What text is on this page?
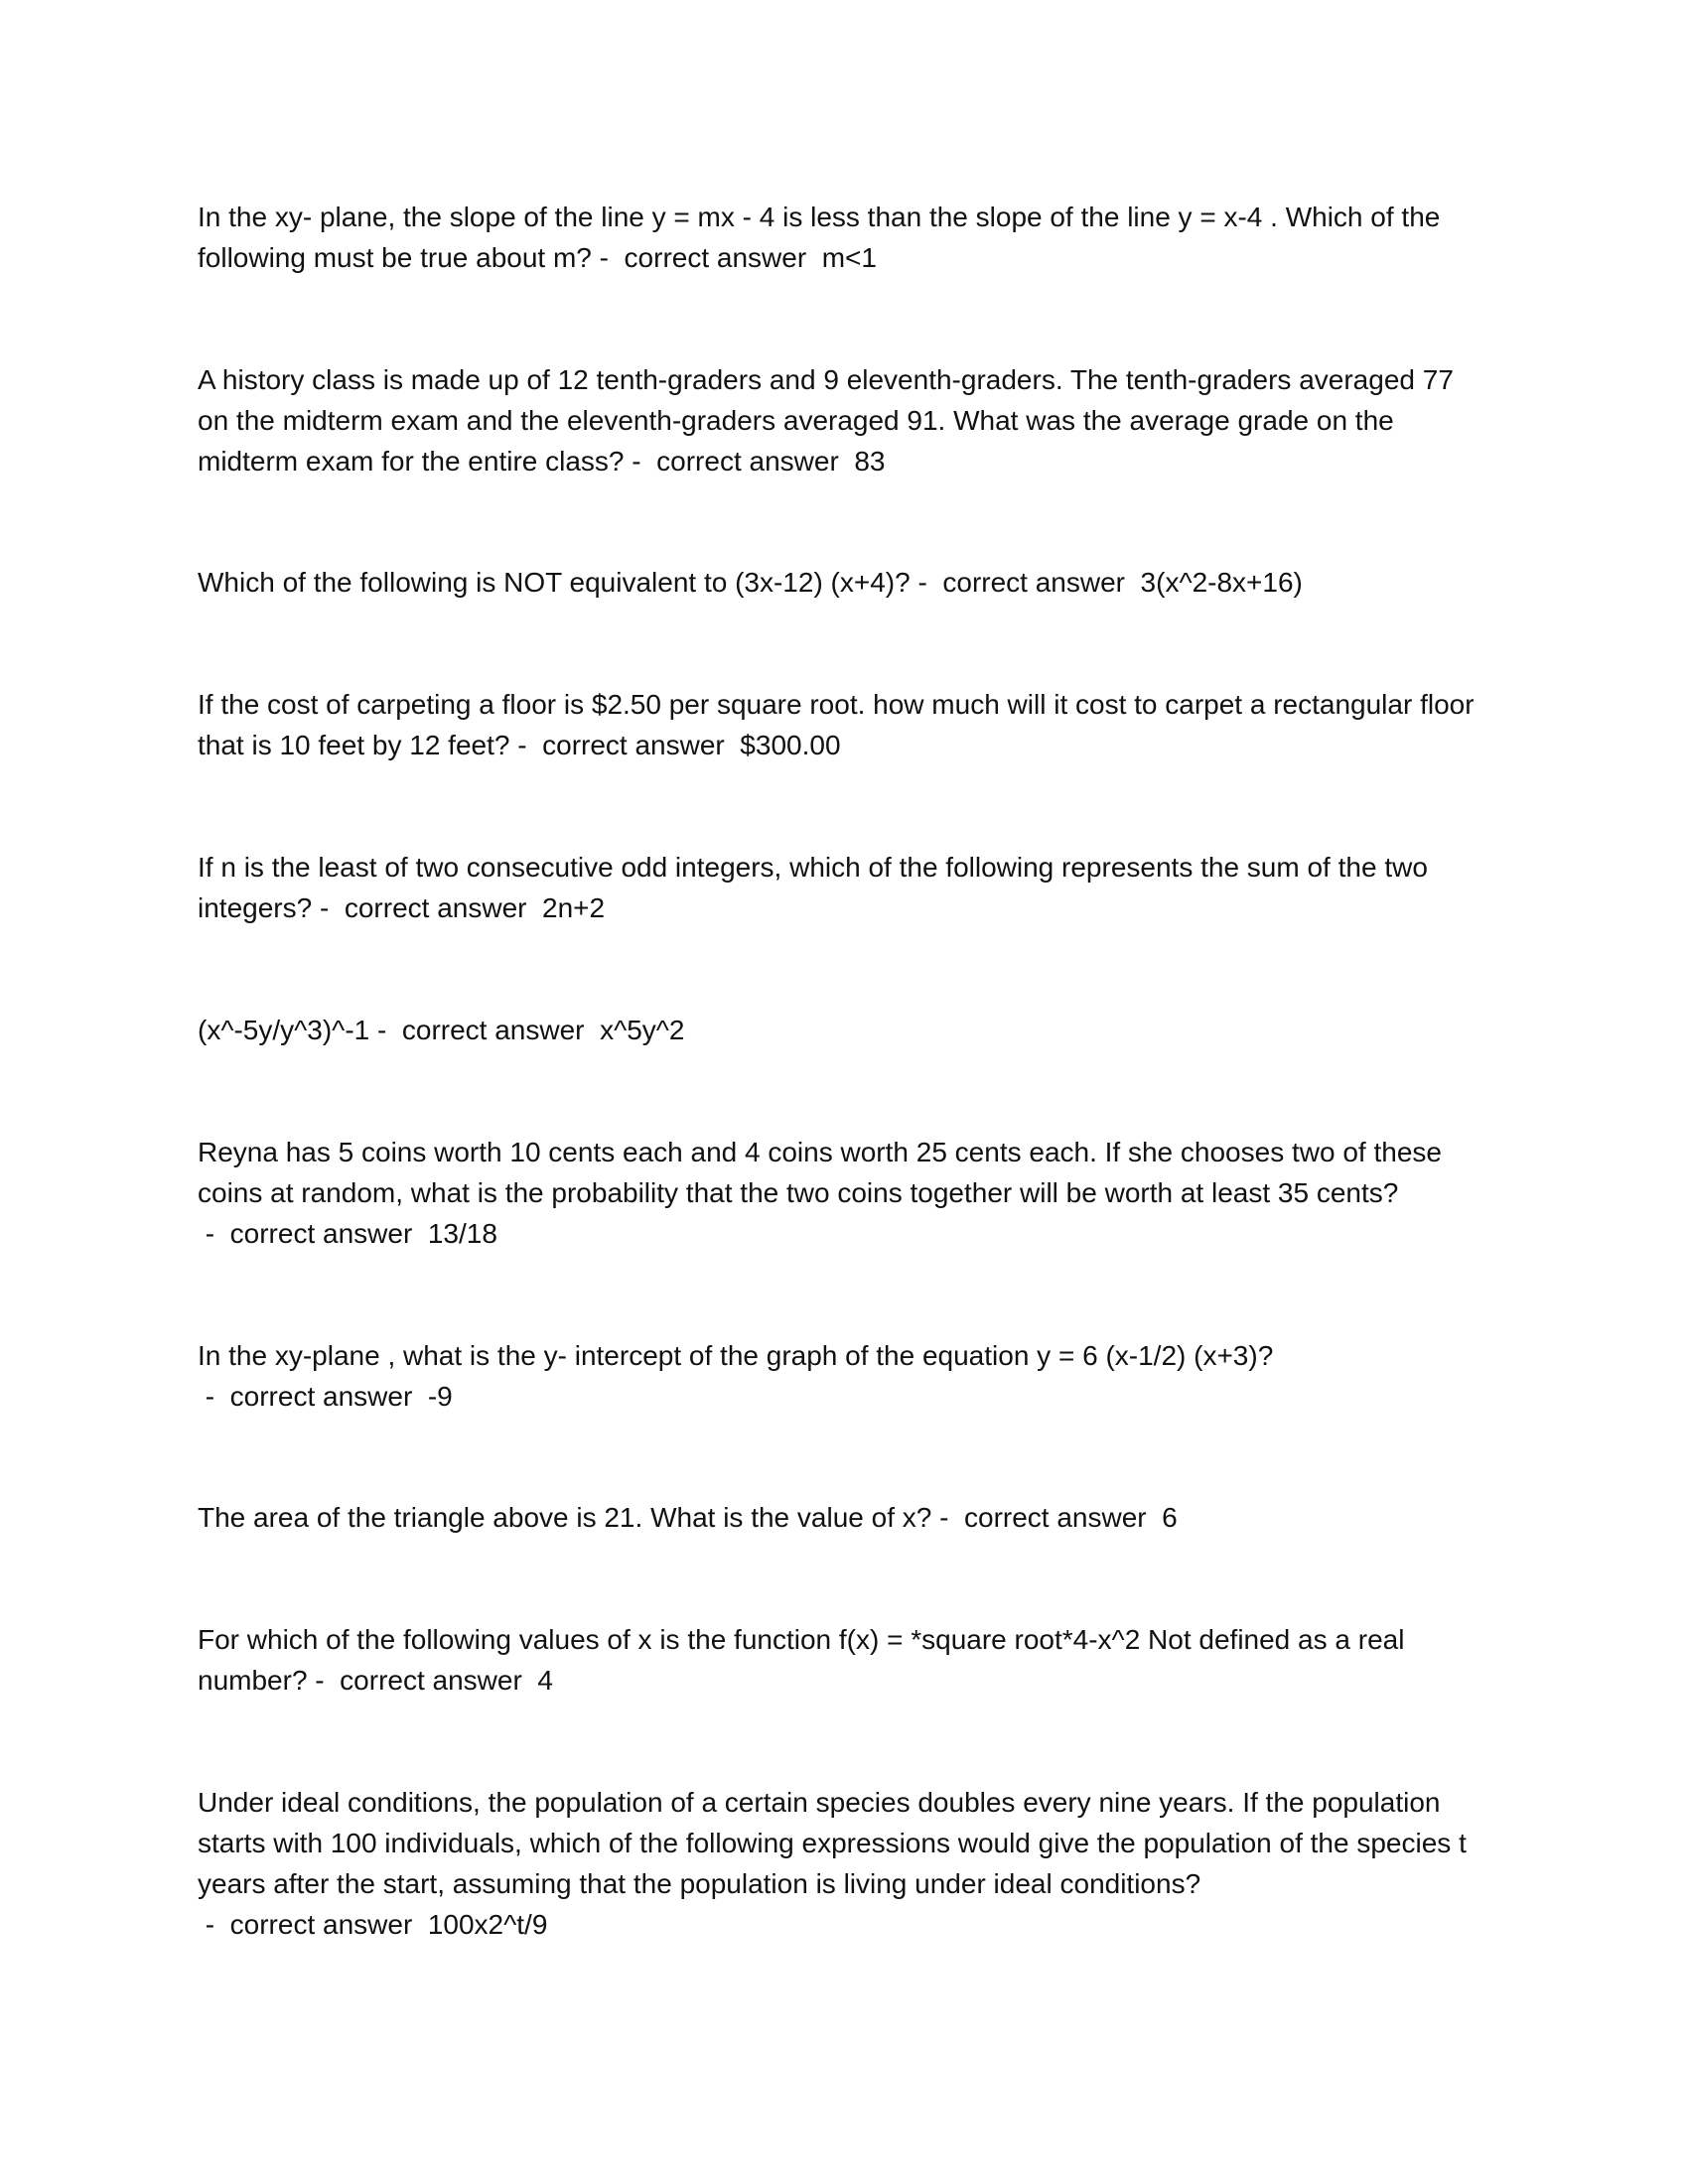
In the xy- plane, the slope of the line y = mx - 4 is less than the slope of the line y = x-4 . Which of the following must be true about m? -  correct answer  m<1

A history class is made up of 12 tenth-graders and 9 eleventh-graders. The tenth-graders averaged 77 on the midterm exam and the eleventh-graders averaged 91. What was the average grade on the midterm exam for the entire class? -  correct answer  83

Which of the following is NOT equivalent to (3x-12) (x+4)? -  correct answer  3(x^2-8x+16)

If the cost of carpeting a floor is $2.50 per square root. how much will it cost to carpet a rectangular floor that is 10 feet by 12 feet? -  correct answer  $300.00

If n is the least of two consecutive odd integers, which of the following represents the sum of the two integers? -  correct answer  2n+2

(x^-5y/y^3)^-1 -  correct answer  x^5y^2

Reyna has 5 coins worth 10 cents each and 4 coins worth 25 cents each. If she chooses two of these coins at random, what is the probability that the two coins together will be worth at least 35 cents? -  correct answer  13/18

In the xy-plane , what is the y- intercept of the graph of the equation y = 6 (x-1/2) (x+3)? -  correct answer  -9

The area of the triangle above is 21. What is the value of x? -  correct answer  6

For which of the following values of x is the function f(x) = *square root*4-x^2 Not defined as a real number? -  correct answer  4

Under ideal conditions, the population of a certain species doubles every nine years. If the population starts with 100 individuals, which of the following expressions would give the population of the species t years after the start, assuming that the population is living under ideal conditions? -  correct answer  100x2^t/9
